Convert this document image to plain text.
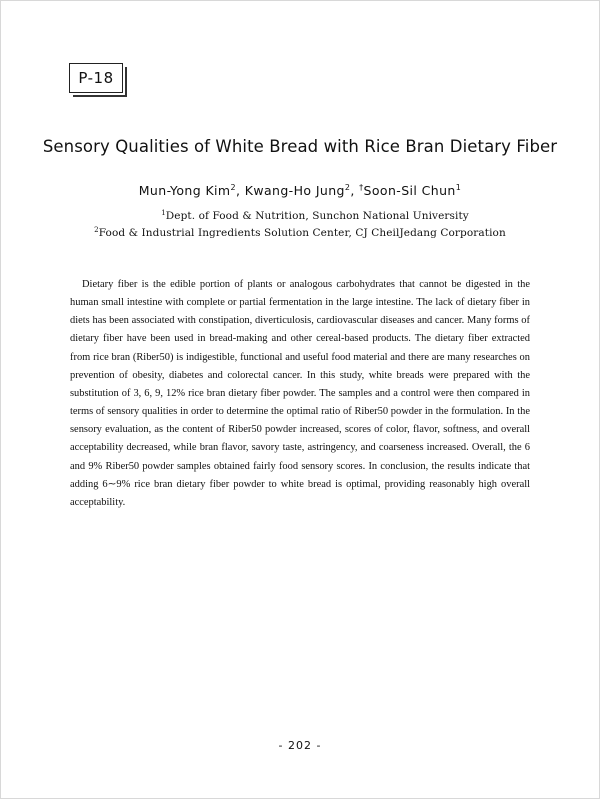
P-18
Sensory Qualities of White Bread with Rice Bran Dietary Fiber
Mun-Yong Kim$^2$, Kwang-Ho Jung$^2$, †Soon-Sil Chun$^1$
$^1$Dept. of Food & Nutrition, Sunchon National University
$^2$Food & Industrial Ingredients Solution Center, CJ CheilJedang Corporation

Dietary fiber is the edible portion of plants or analogous carbohydrates that cannot be digested in the human small intestine with complete or partial fermentation in the large intestine. The lack of dietary fiber in diets has been associated with constipation, diverticulosis, cardiovascular diseases and cancer. Many forms of dietary fiber have been used in bread-making and other cereal-based products. The dietary fiber extracted from rice bran (Riber50) is indigestible, functional and useful food material and there are many researches on prevention of obesity, diabetes and colorectal cancer. In this study, white breads were prepared with the substitution of 3, 6, 9, 12% rice bran dietary fiber powder. The samples and a control were then compared in terms of sensory qualities in order to determine the optimal ratio of Riber50 powder in the formulation. In the sensory evaluation, as the content of Riber50 powder increased, scores of color, flavor, softness, and overall acceptability decreased, while bran flavor, savory taste, astringency, and coarseness increased. Overall, the 6 and 9% Riber50 powder samples obtained fairly food sensory scores. In conclusion, the results indicate that adding 6∼9% rice bran dietary fiber powder to white bread is optimal, providing reasonably high overall acceptability.

- 202 -
